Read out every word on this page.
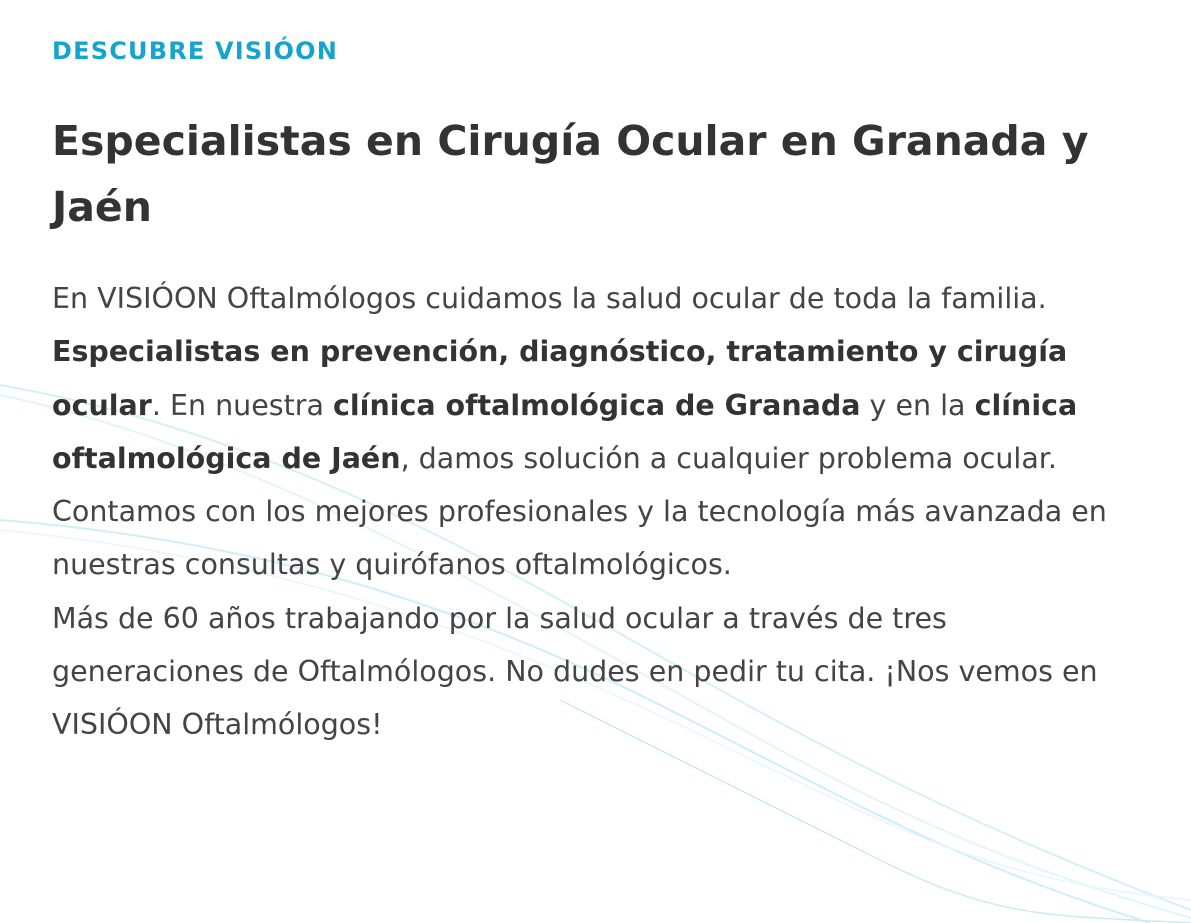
DESCUBRE VISIÓON
Especialistas en Cirugía Ocular en Granada y Jaén

En VISIÓON Oftalmólogos cuidamos la salud ocular de toda la familia.

Especialistas en prevención, diagnóstico, tratamiento y cirugía ocular. En nuestra clínica oftalmológica de Granada y en la clínica oftalmológica de Jaén, damos solución a cualquier problema ocular. Contamos con los mejores profesionales y la tecnología más avanzada en nuestras consultas y quirófanos oftalmológicos.

Más de 60 años trabajando por la salud ocular a través de tres generaciones de Oftalmólogos. No dudes en pedir tu cita. ¡Nos vemos en VISIÓON Oftalmólogos!
